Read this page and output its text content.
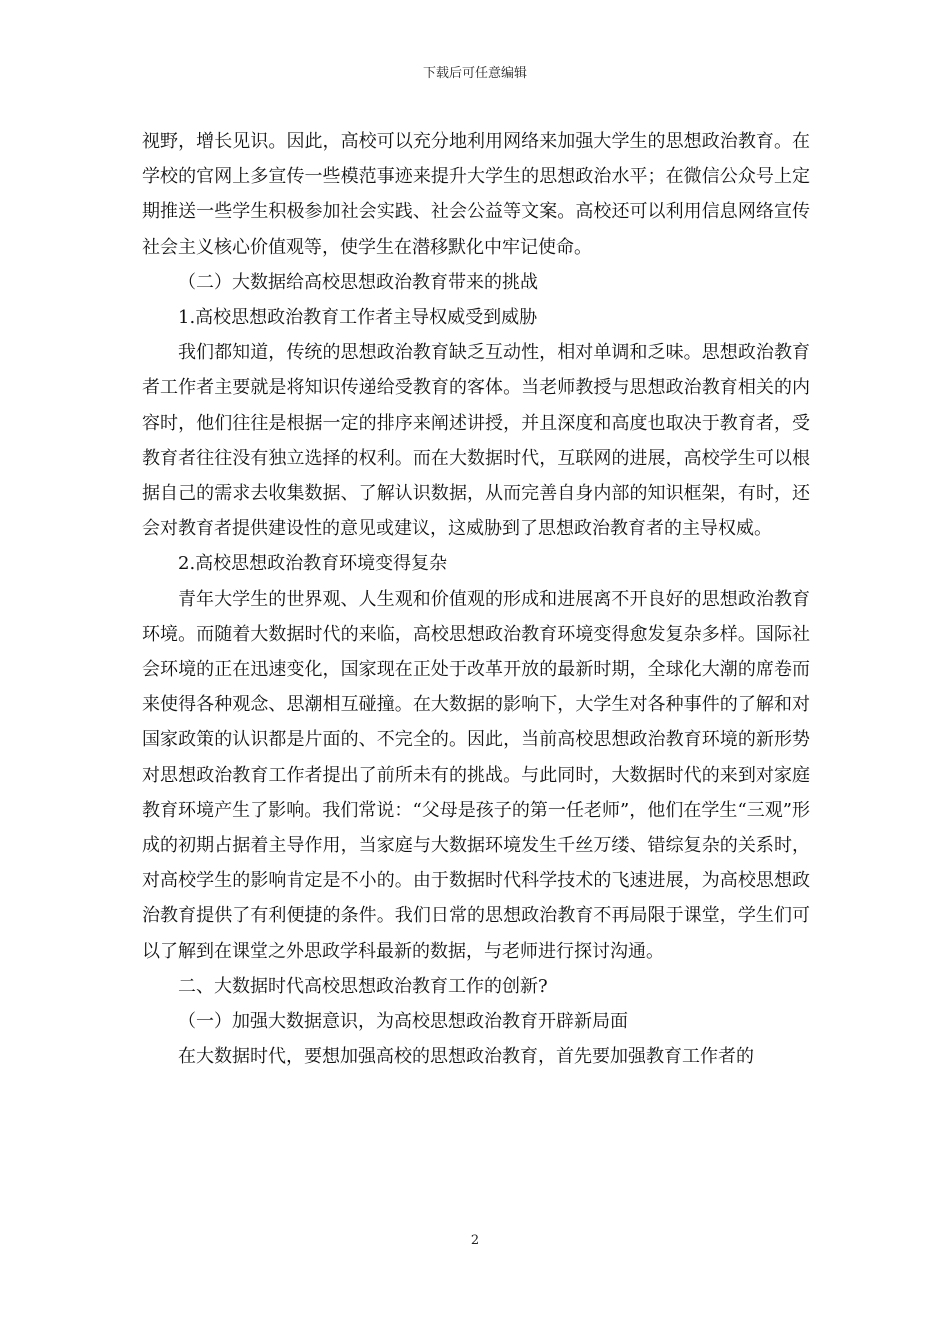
下载后可任意编辑

视野，增长见识。因此，高校可以充分地利用网络来加强大学生的思想政治教育。在学校的官网上多宣传一些模范事迹来提升大学生的思想政治水平；在微信公众号上定期推送一些学生积极参加社会实践、社会公益等文案。高校还可以利用信息网络宣传社会主义核心价值观等，使学生在潜移默化中牢记使命。

（二）大数据给高校思想政治教育带来的挑战

1.高校思想政治教育工作者主导权威受到威胁

我们都知道，传统的思想政治教育缺乏互动性，相对单调和乏味。思想政治教育者工作者主要就是将知识传递给受教育的客体。当老师教授与思想政治教育相关的内容时，他们往往是根据一定的排序来阐述讲授，并且深度和高度也取决于教育者，受教育者往往没有独立选择的权利。而在大数据时代，互联网的进展，高校学生可以根据自己的需求去收集数据、了解认识数据，从而完善自身内部的知识框架，有时，还会对教育者提供建设性的意见或建议，这威胁到了思想政治教育者的主导权威。

2.高校思想政治教育环境变得复杂

青年大学生的世界观、人生观和价值观的形成和进展离不开良好的思想政治教育环境。而随着大数据时代的来临，高校思想政治教育环境变得愈发复杂多样。国际社会环境的正在迅速变化，国家现在正处于改革开放的最新时期，全球化大潮的席卷而来使得各种观念、思潮相互碰撞。在大数据的影响下，大学生对各种事件的了解和对国家政策的认识都是片面的、不完全的。因此，当前高校思想政治教育环境的新形势对思想政治教育工作者提出了前所未有的挑战。与此同时，大数据时代的来到对家庭教育环境产生了影响。我们常说：“父母是孩子的第一任老师”，他们在学生“三观”形成的初期占据着主导作用，当家庭与大数据环境发生千丝万缕、错综复杂的关系时，对高校学生的影响肯定是不小的。由于数据时代科学技术的飞速进展，为高校思想政治教育提供了有利便捷的条件。我们日常的思想政治教育不再局限于课堂，学生们可以了解到在课堂之外思政学科最新的数据，与老师进行探讨沟通。

二、大数据时代高校思想政治教育工作的创新?

（一）加强大数据意识，为高校思想政治教育开辟新局面

在大数据时代，要想加强高校的思想政治教育，首先要加强教育工作者的

2
